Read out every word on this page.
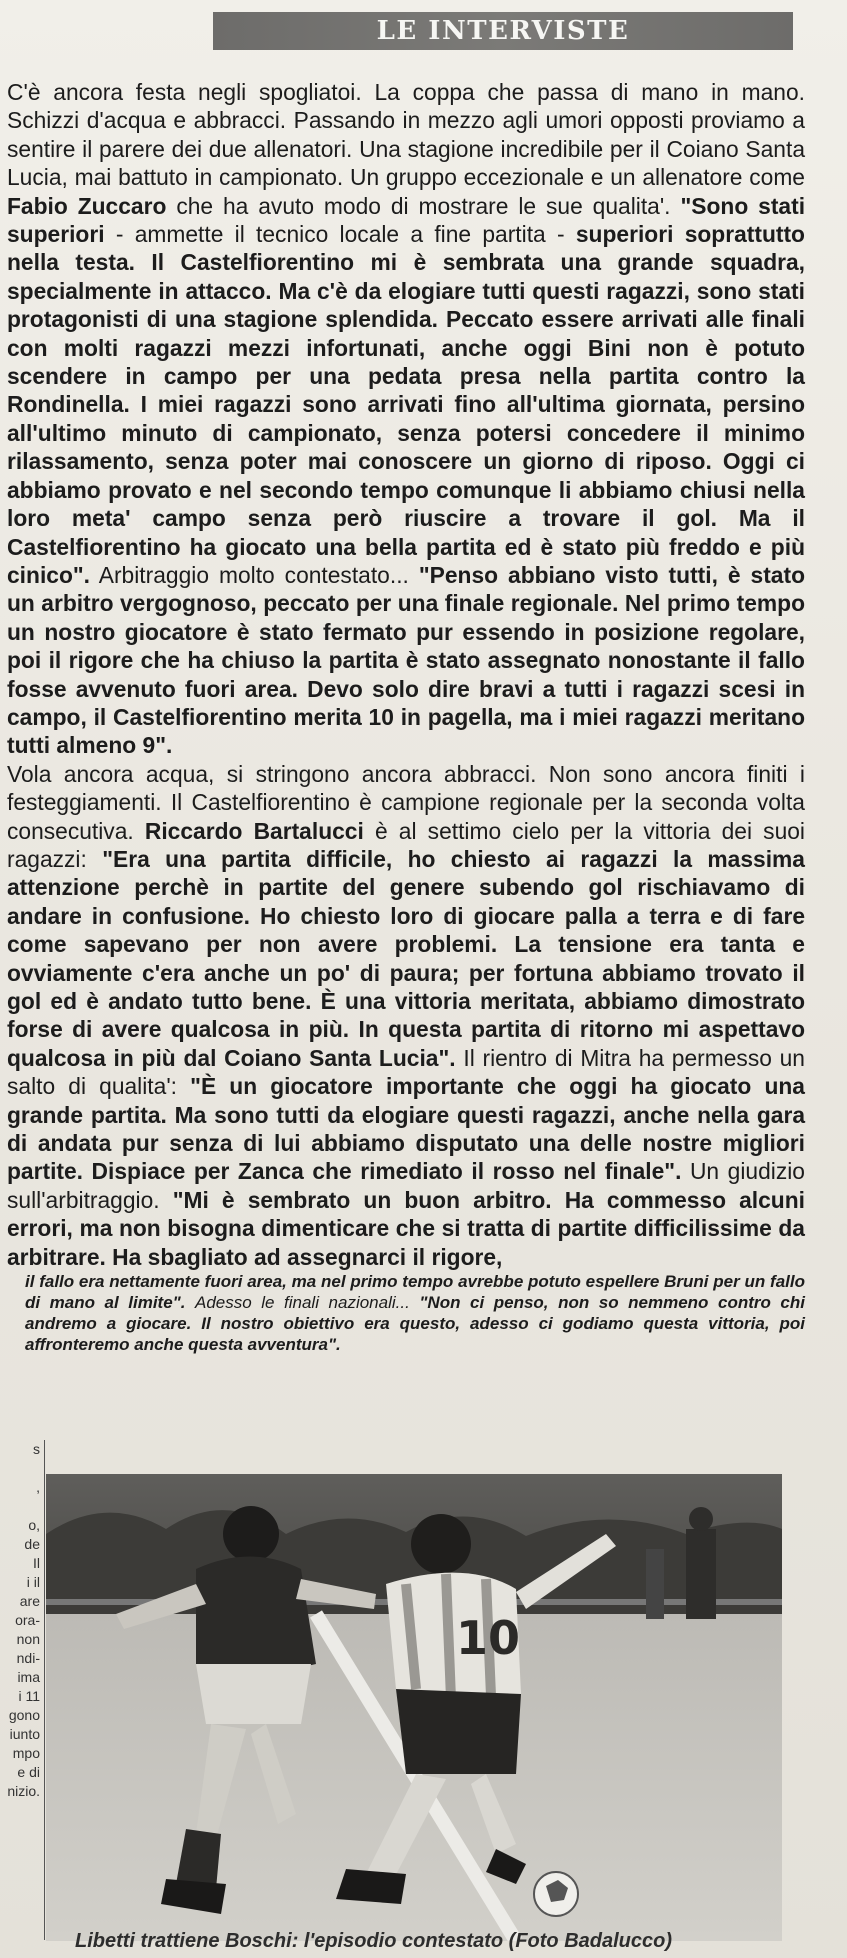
LE INTERVISTE

C'è ancora festa negli spogliatoi. La coppa che passa di mano in mano. Schizzi d'acqua e abbracci. Passando in mezzo agli umori opposti proviamo a sentire il parere dei due allenatori. Una stagione incredibile per il Coiano Santa Lucia, mai battuto in campionato. Un gruppo eccezionale e un allenatore come Fabio Zuccaro che ha avuto modo di mostrare le sue qualita'. "Sono stati superiori - ammette il tecnico locale a fine partita - superiori soprattutto nella testa. Il Castelfiorentino mi è sembrata una grande squadra, specialmente in attacco. Ma c'è da elogiare tutti questi ragazzi, sono stati protagonisti di una stagione splendida. Peccato essere arrivati alle finali con molti ragazzi mezzi infortunati, anche oggi Bini non è potuto scendere in campo per una pedata presa nella partita contro la Rondinella. I miei ragazzi sono arrivati fino all'ultima giornata, persino all'ultimo minuto di campionato, senza potersi concedere il minimo rilassamento, senza poter mai conoscere un giorno di riposo. Oggi ci abbiamo provato e nel secondo tempo comunque li abbiamo chiusi nella loro meta' campo senza però riuscire a trovare il gol. Ma il Castelfiorentino ha giocato una bella partita ed è stato più freddo e più cinico". Arbitraggio molto contestato... "Penso abbiano visto tutti, è stato un arbitro vergognoso, peccato per una finale regionale. Nel primo tempo un nostro giocatore è stato fermato pur essendo in posizione regolare, poi il rigore che ha chiuso la partita è stato assegnato nonostante il fallo fosse avvenuto fuori area. Devo solo dire bravi a tutti i ragazzi scesi in campo, il Castelfiorentino merita 10 in pagella, ma i miei ragazzi meritano tutti almeno 9".

Vola ancora acqua, si stringono ancora abbracci. Non sono ancora finiti i festeggiamenti. Il Castelfiorentino è campione regionale per la seconda volta consecutiva. Riccardo Bartalucci è al settimo cielo per la vittoria dei suoi ragazzi: "Era una partita difficile, ho chiesto ai ragazzi la massima attenzione perchè in partite del genere subendo gol rischiavamo di andare in confusione. Ho chiesto loro di giocare palla a terra e di fare come sapevano per non avere problemi. La tensione era tanta e ovviamente c'era anche un po' di paura; per fortuna abbiamo trovato il gol ed è andato tutto bene. È una vittoria meritata, abbiamo dimostrato forse di avere qualcosa in più. In questa partita di ritorno mi aspettavo qualcosa in più dal Coiano Santa Lucia". Il rientro di Mitra ha permesso un salto di qualita': "È un giocatore importante che oggi ha giocato una grande partita. Ma sono tutti da elogiare questi ragazzi, anche nella gara di andata pur senza di lui abbiamo disputato una delle nostre migliori partite. Dispiace per Zanca che rimediato il rosso nel finale". Un giudizio sull'arbitraggio. "Mi è sembrato un buon arbitro. Ha commesso alcuni errori, ma non bisogna dimenticare che si tratta di partite difficilissime da arbitrare. Ha sbagliato ad assegnarci il rigore,

il fallo era nettamente fuori area, ma nel primo tempo avrebbe potuto espellere Bruni per un fallo di mano al limite". Adesso le finali nazionali... "Non ci penso, non so nemmeno contro chi andremo a giocare. Il nostro obiettivo era questo, adesso ci godiamo questa vittoria, poi affronteremo anche questa avventura".

s

,

o,
de
Il
i il
are
ora-
non
ndi-
ima
i 11
gono
iunto
mpo
e di
nizio.
10
Libetti trattiene Boschi: l'episodio contestato (Foto Badalucco)
